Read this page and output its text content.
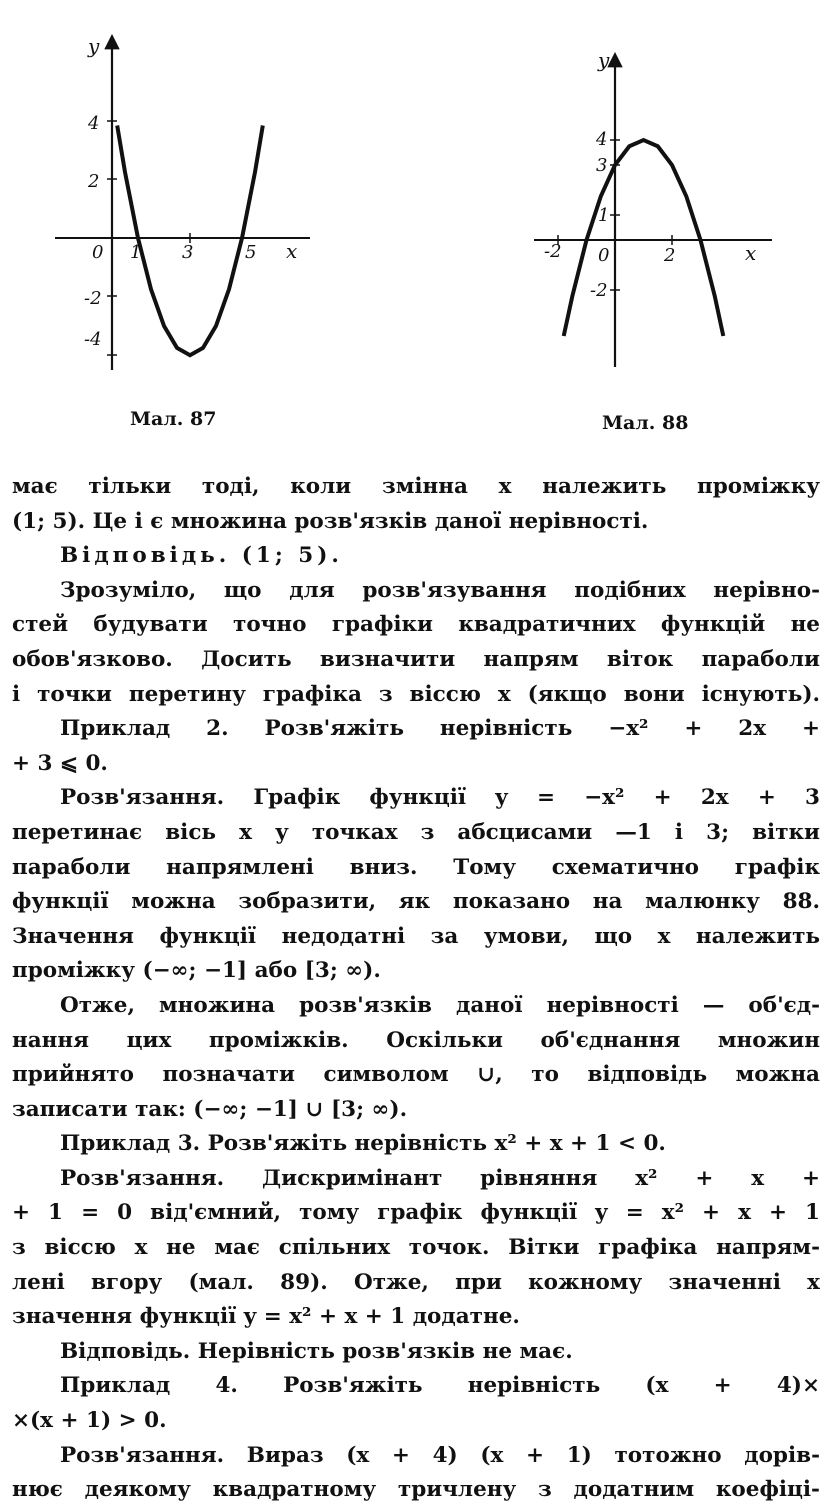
y
x
0 1 3	5
4
2
-2
-4
Мал. 87
y
x
0
-2	2
4
3
1
-2
Мал. 88
має тільки тоді, коли змінна x належить проміжку
(1; 5). Це і є множина розв'язків даної нерівності.
Відповідь. (1; 5).
Зрозуміло, що для розв'язування подібних нерівно-
стей будувати точно графіки квадратичних функцій не
обов'язково. Досить визначити напрям віток параболи
і точки перетину графіка з віссю x (якщо вони існують).
Приклад 2. Розв'яжіть нерівність −x² + 2x +
+ 3 ⩽ 0.
Розв'язання. Графік функції y = −x² + 2x + 3
перетинає вісь x у точках з абсцисами —1 і 3; вітки
параболи напрямлені вниз. Тому схематично графік
функції можна зобразити, як показано на малюнку 88.
Значення функції недодатні за умови, що x належить
проміжку (−∞; −1] або [3; ∞).
Отже, множина розв'язків даної нерівності — об'єд-
нання цих проміжків. Оскільки об'єднання множин
прийнято позначати символом ∪, то відповідь можна
записати так: (−∞; −1] ∪ [3; ∞).
Приклад 3. Розв'яжіть нерівність x² + x + 1 < 0.
Розв'язання. Дискримінант рівняння x² + x +
+ 1 = 0 від'ємний, тому графік функції y = x² + x + 1
з віссю x не має спільних точок. Вітки графіка напрям-
лені вгору (мал. 89). Отже, при кожному значенні x
значення функції y = x² + x + 1 додатне.
Відповідь. Нерівність розв'язків не має.
Приклад 4. Розв'яжіть нерівність (x + 4)×
×(x + 1) > 0.
Розв'язання. Вираз (x + 4) (x + 1) тотожно дорів-
нює деякому квадратному тричлену з додатним коефіці-
